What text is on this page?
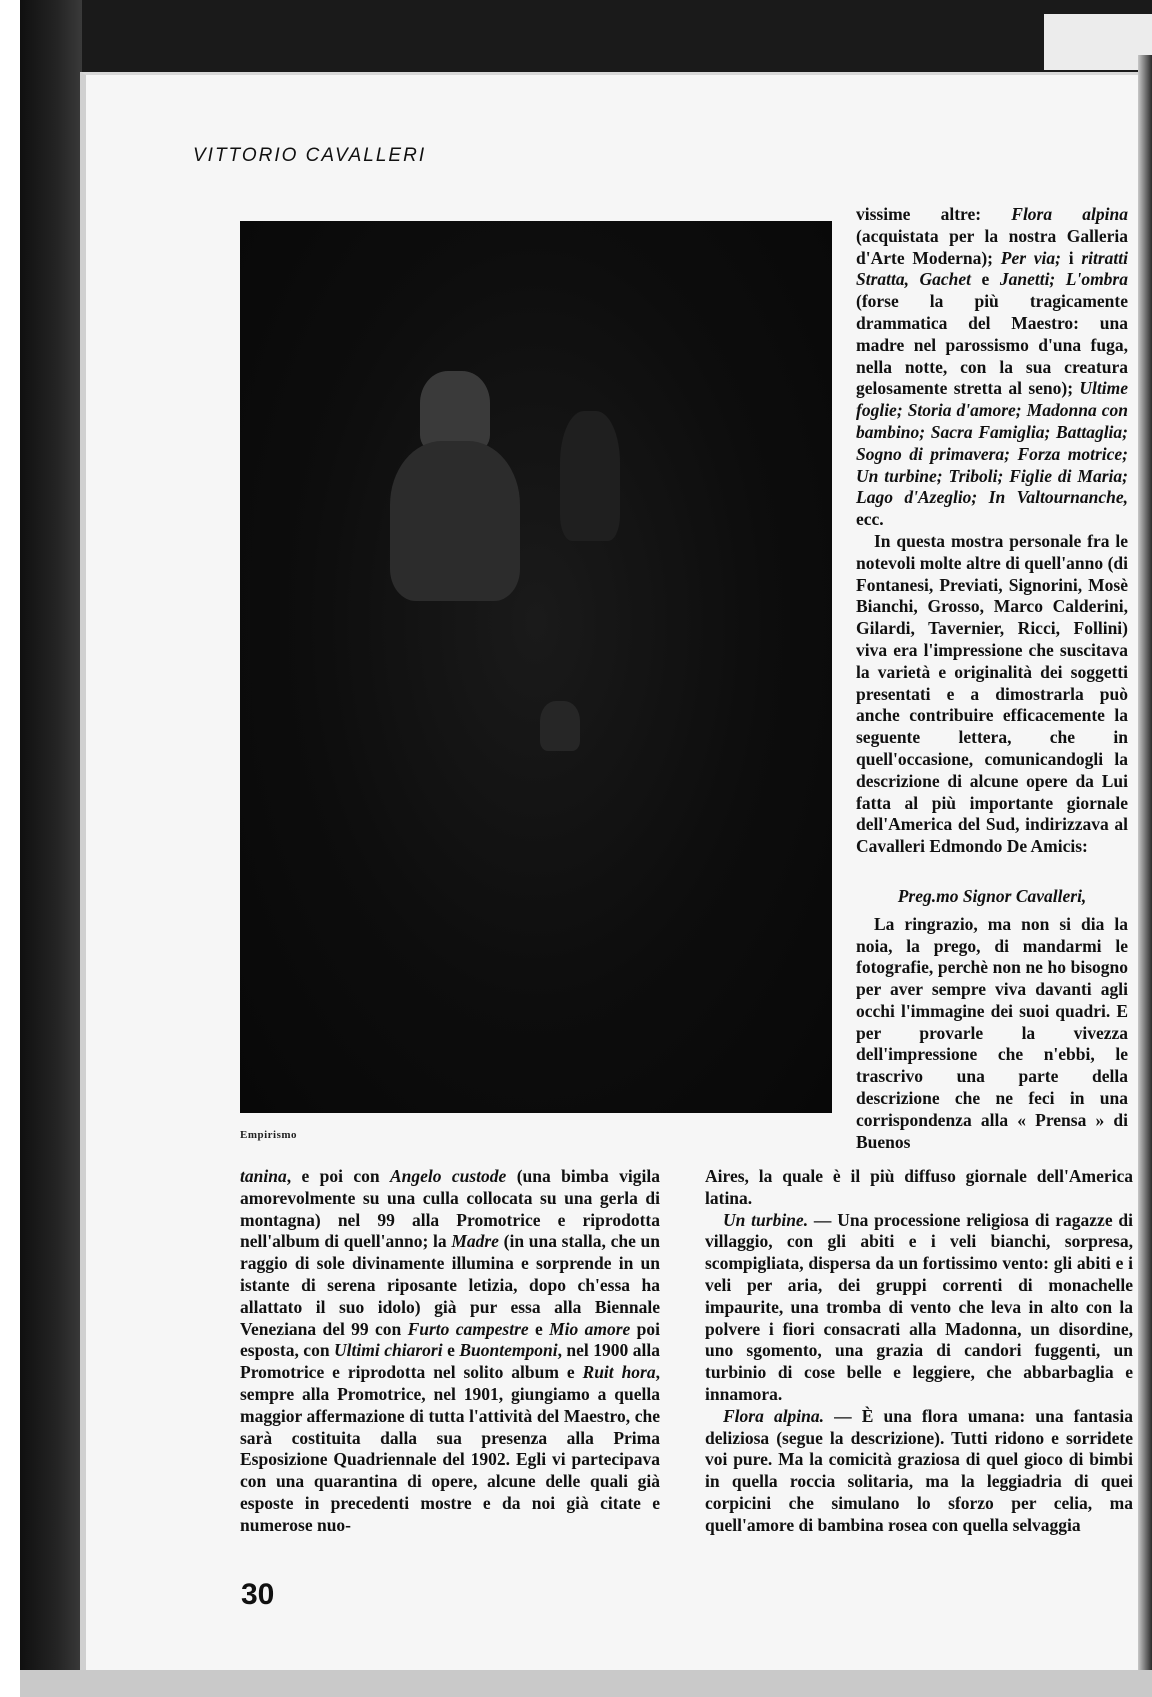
VITTORIO CAVALLERI
Empirismo

vissime altre: Flora alpina (acquistata per la nostra Galleria d'Arte Moderna); Per via; i ritratti Stratta, Gachet e Janetti; L'ombra (forse la più tragicamente drammatica del Maestro: una madre nel parossismo d'una fuga, nella notte, con la sua creatura gelosamente stretta al seno); Ultime foglie; Storia d'amore; Madonna con bambino; Sacra Famiglia; Battaglia; Sogno di primavera; Forza motrice; Un turbine; Triboli; Figlie di Maria; Lago d'Azeglio; In Valtournanche, ecc.

In questa mostra personale fra le notevoli molte altre di quell'anno (di Fontanesi, Previati, Signorini, Mosè Bianchi, Grosso, Marco Calderini, Gilardi, Tavernier, Ricci, Follini) viva era l'impressione che suscitava la varietà e originalità dei soggetti presentati e a dimostrarla può anche contribuire efficacemente la seguente lettera, che in quell'occasione, comunicandogli la descrizione di alcune opere da Lui fatta al più importante giornale dell'America del Sud, indirizzava al Cavalleri Edmondo De Amicis:

Preg.mo Signor Cavalleri,

La ringrazio, ma non si dia la noia, la prego, di mandarmi le fotografie, perchè non ne ho bisogno per aver sempre viva davanti agli occhi l'immagine dei suoi quadri. E per provarle la vivezza dell'impressione che n'ebbi, le trascrivo una parte della descrizione che ne feci in una corrispondenza alla « Prensa » di Buenos

tanina, e poi con Angelo custode (una bimba vigila amorevolmente su una culla collocata su una gerla di montagna) nel 99 alla Promotrice e riprodotta nell'album di quell'anno; la Madre (in una stalla, che un raggio di sole divinamente illumina e sorprende in un istante di serena riposante letizia, dopo ch'essa ha allattato il suo idolo) già pur essa alla Biennale Veneziana del 99 con Furto campestre e Mio amore poi esposta, con Ultimi chiarori e Buontemponi, nel 1900 alla Promotrice e riprodotta nel solito album e Ruit hora, sempre alla Promotrice, nel 1901, giungiamo a quella maggior affermazione di tutta l'attività del Maestro, che sarà costituita dalla sua presenza alla Prima Esposizione Quadriennale del 1902. Egli vi partecipava con una quarantina di opere, alcune delle quali già esposte in precedenti mostre e da noi già citate e numerose nuo-

Aires, la quale è il più diffuso giornale dell'America latina.

Un turbine. — Una processione religiosa di ragazze di villaggio, con gli abiti e i veli bianchi, sorpresa, scompigliata, dispersa da un fortissimo vento: gli abiti e i veli per aria, dei gruppi correnti di monachelle impaurite, una tromba di vento che leva in alto con la polvere i fiori consacrati alla Madonna, un disordine, uno sgomento, una grazia di candori fuggenti, un turbinio di cose belle e leggiere, che abbarbaglia e innamora.

Flora alpina. — È una flora umana: una fantasia deliziosa (segue la descrizione). Tutti ridono e sorridete voi pure. Ma la comicità graziosa di quel gioco di bimbi in quella roccia solitaria, ma la leggiadria di quei corpicini che simulano lo sforzo per celia, ma quell'amore di bambina rosea con quella selvaggia

30
